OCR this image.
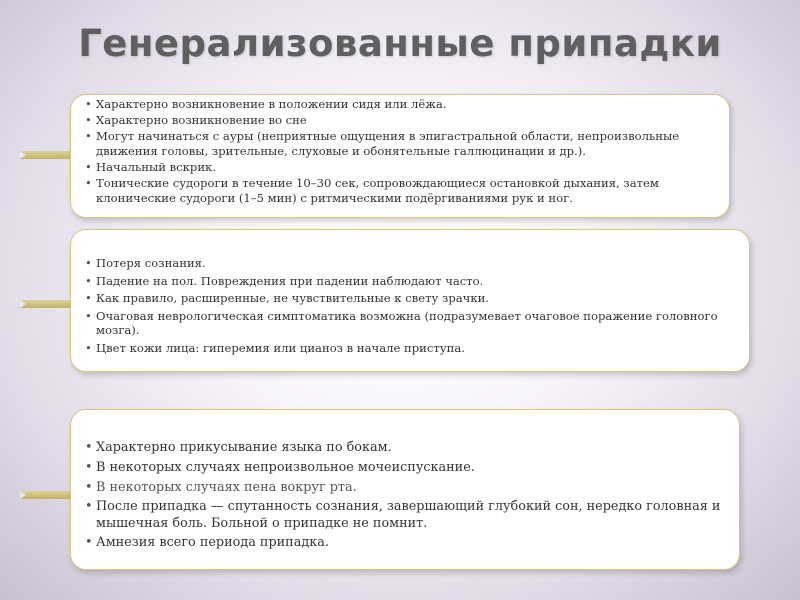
Генерализованные припадки
• Характерно возникновение в положении сидя или лёжа.
• Характерно возникновение во сне
• Могут начинаться с ауры (неприятные ощущения в эпигастральной области, непроизвольные движения головы, зрительные, слуховые и обонятельные галлюцинации и др.).
• Начальный вскрик.
• Тонические судороги в течение 10–30 сек, сопровождающиеся остановкой дыхания, затем клонические судороги (1–5 мин) с ритмическими подёргиваниями рук и ног.
• Потеря сознания.
• Падение на пол. Повреждения при падении наблюдают часто.
• Как правило, расширенные, не чувствительные к свету зрачки.
• Очаговая неврологическая симптоматика возможна (подразумевает очаговое поражение головного мозга).
• Цвет кожи лица: гиперемия или цианоз в начале приступа.
• Характерно прикусывание языка по бокам.
• В некоторых случаях непроизвольное мочеиспускание.
• В некоторых случаях пена вокруг рта.
• После припадка — спутанность сознания, завершающий глубокий сон, нередко головная и мышечная боль. Больной о припадке не помнит.
• Амнезия всего периода припадка.
